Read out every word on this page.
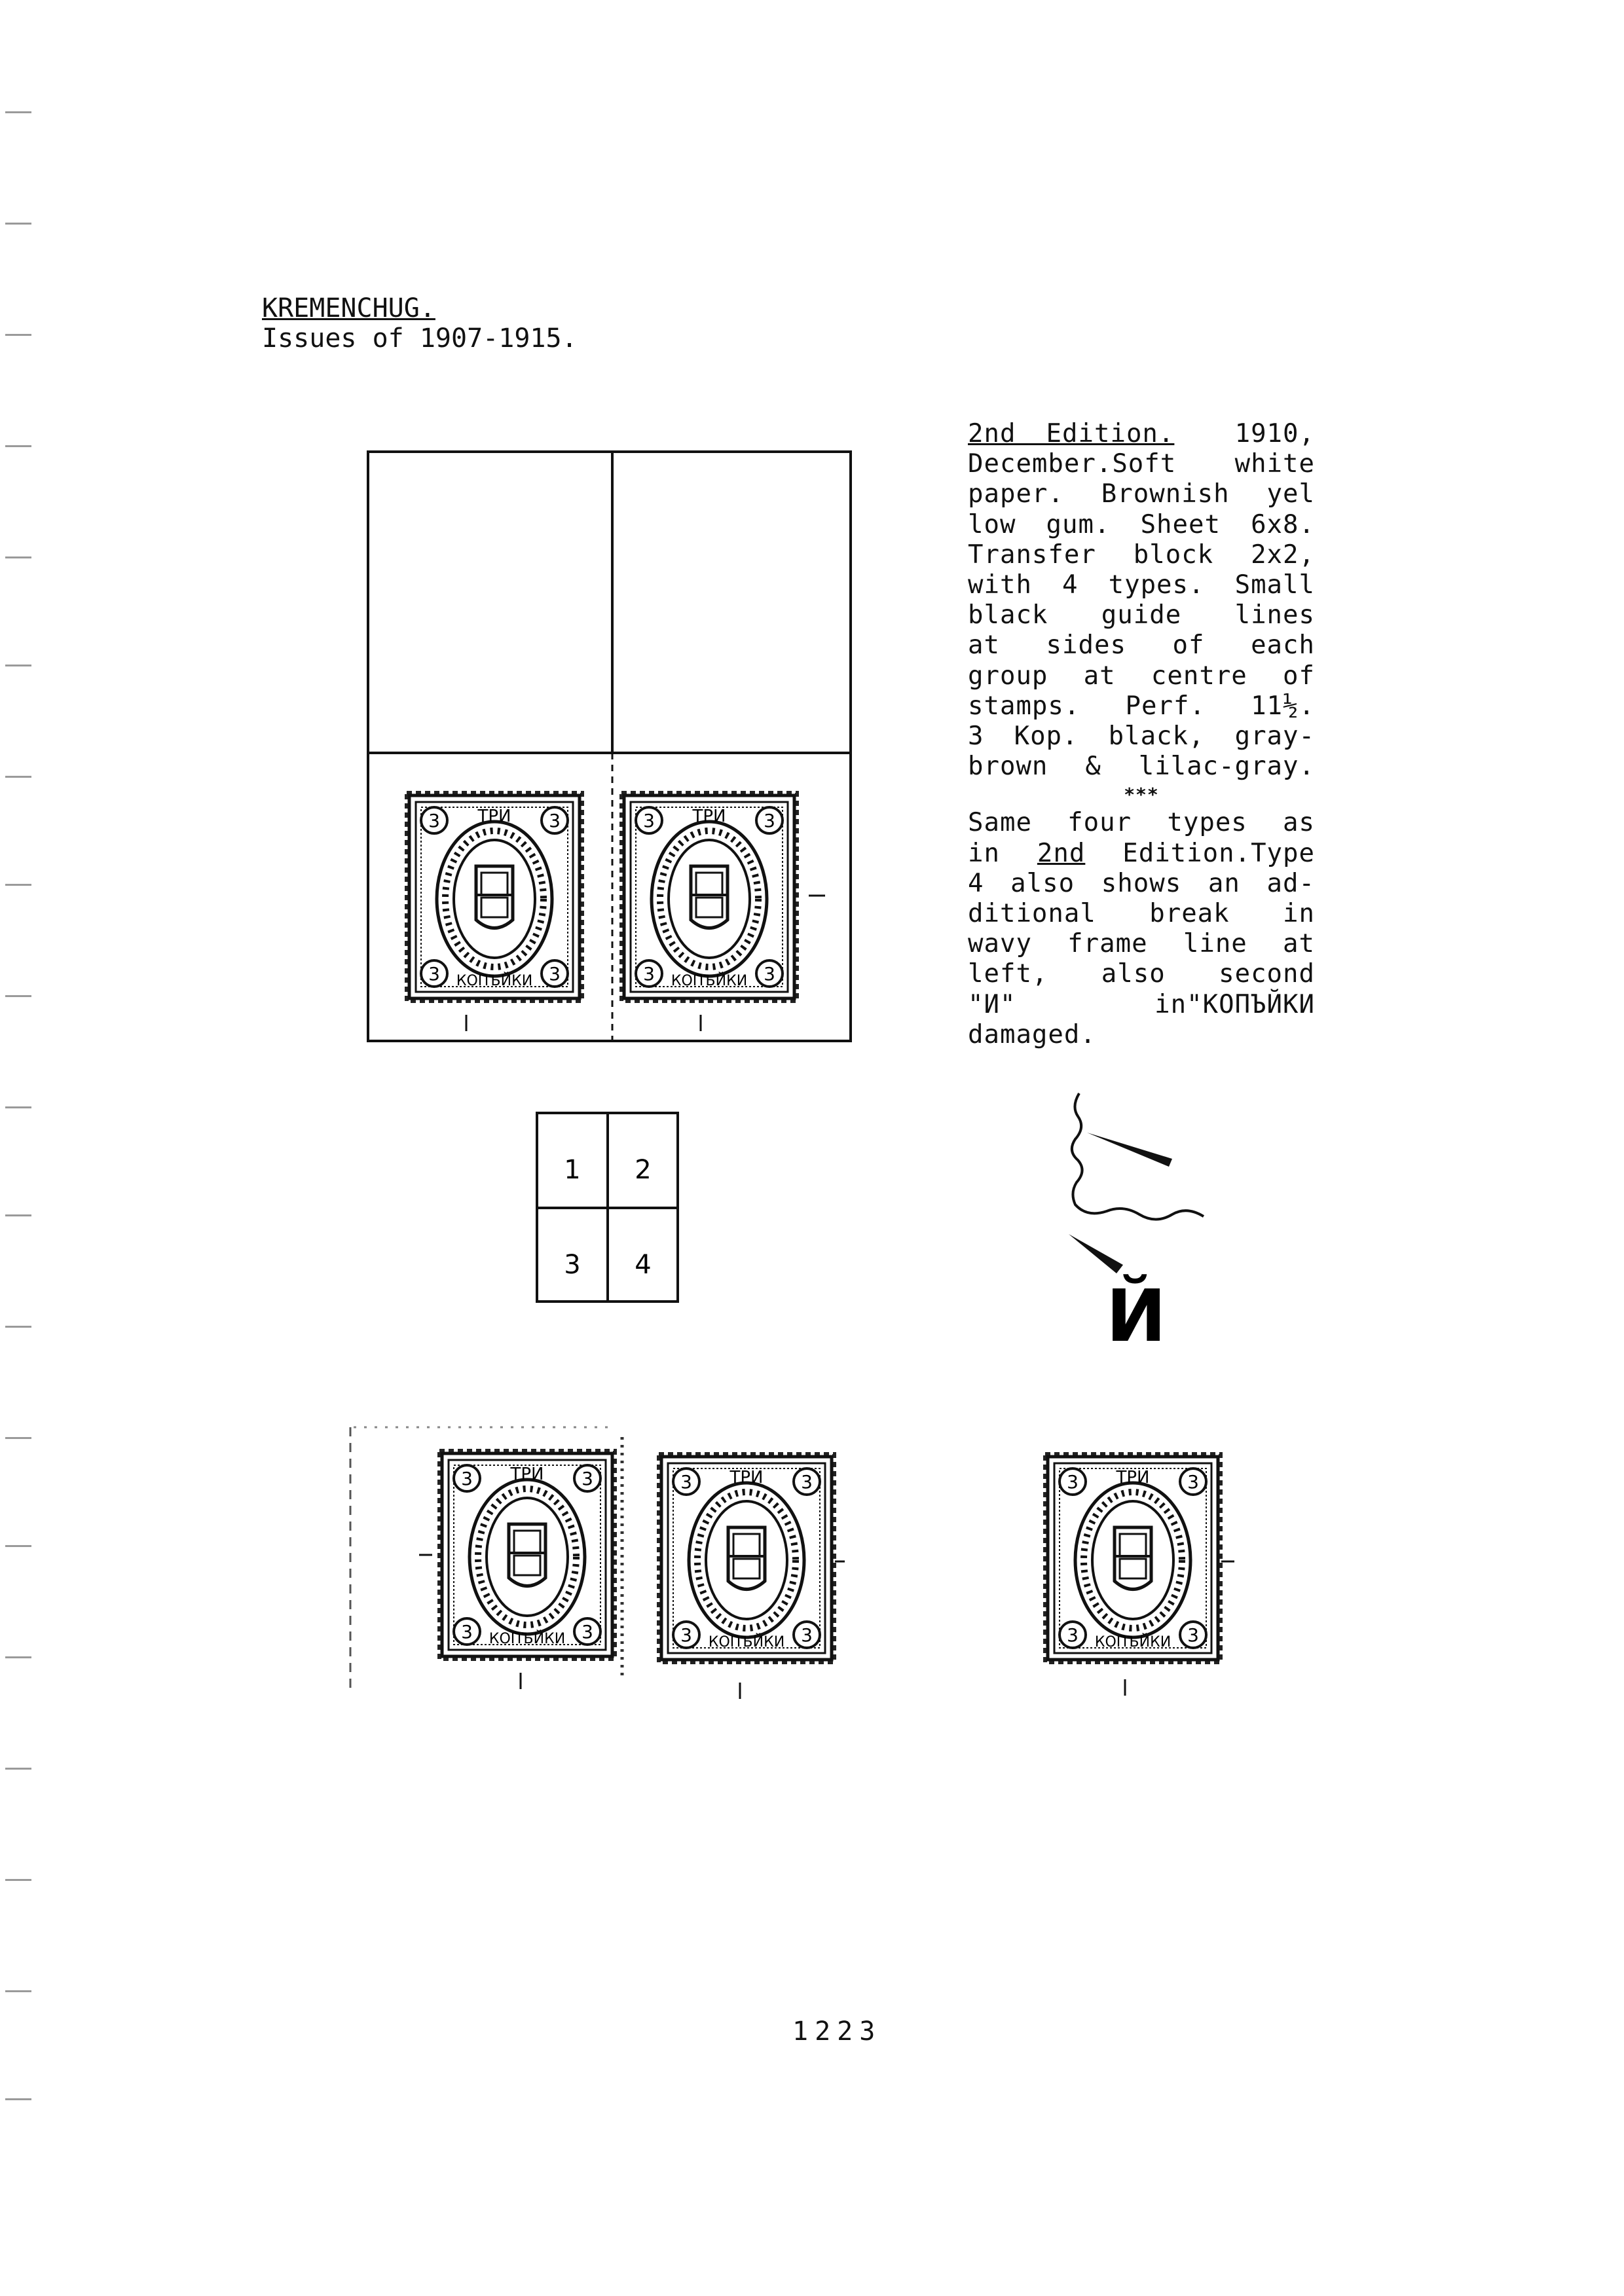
KREMENCHUG.
Issues of 1907-1915.

2nd Edition. 1910,

December.Soft white

paper. Brownish yel

low gum. Sheet 6x8.

Transfer block 2x2,

with 4 types. Small

black guide lines

at sides of each

group at centre of

stamps. Perf. 11½.

3 Kop. black, gray-

brown & lilac-gray.

***

Same four types as

in 2nd Edition.Type

4 also shows an ad-

ditional break in

wavy frame line at

left, also second

"И" in"КОПЪЙКИ

damaged.

ТРИ
КОПЪЙКИ
3	3
3	3
ТРИ
КОПЪЙКИ
3	3
3	3
1 2
3 4
Й
ТРИ
КОПЪЙКИ
3	3
3	3
ТРИ
КОПЪЙКИ
3	3
3	3
ТРИ
КОПЪЙКИ
3	3
3	3
1223
